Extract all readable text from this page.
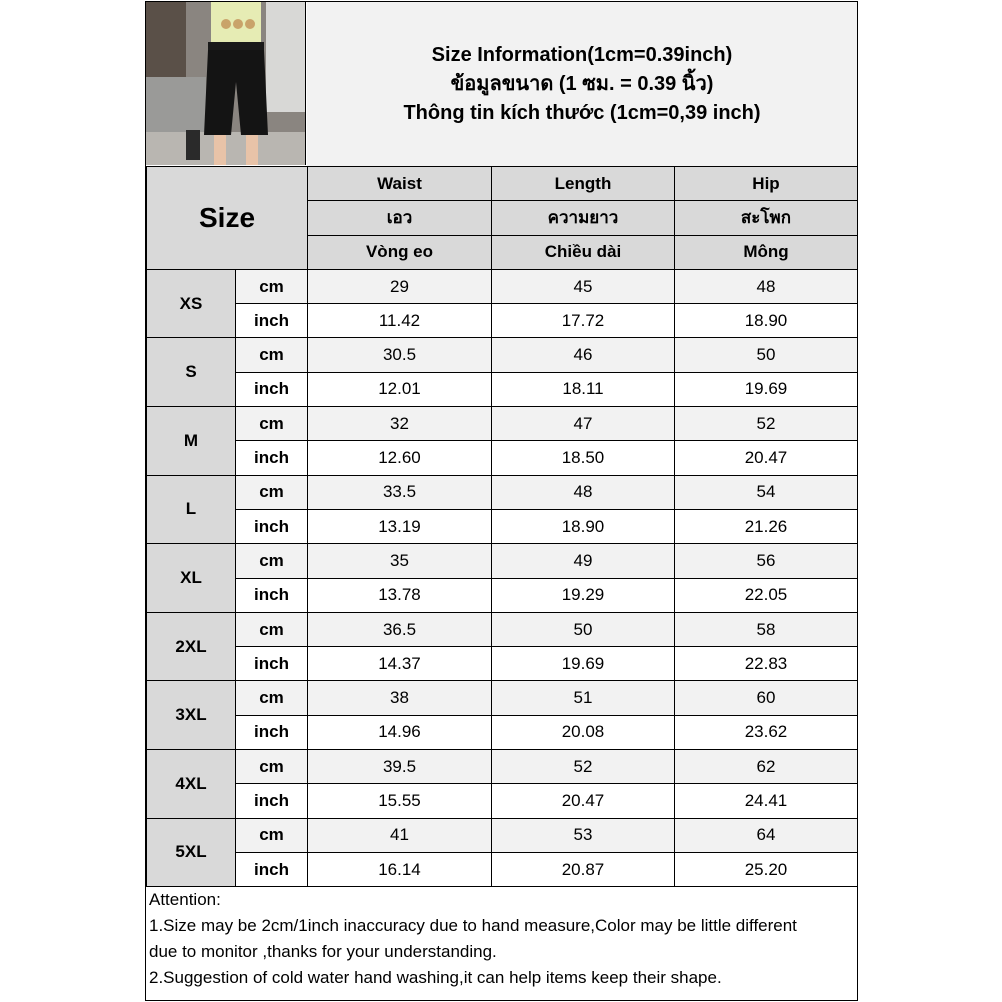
Size Information(1cm=0.39inch)
ข้อมูลขนาด (1 ซม. = 0.39 นิ้ว)
Thông tin kích thước (1cm=0,39 inch)
Size		Waist	Length	Hip
		เอว	ความยาว	สะโพก
		Vòng eo	Chiều dài	Mông
XS	cm	29	45	48
	inch	11.42	17.72	18.90
S	cm	30.5	46	50
	inch	12.01	18.11	19.69
M	cm	32	47	52
	inch	12.60	18.50	20.47
L	cm	33.5	48	54
	inch	13.19	18.90	21.26
XL	cm	35	49	56
	inch	13.78	19.29	22.05
2XL	cm	36.5	50	58
	inch	14.37	19.69	22.83
3XL	cm	38	51	60
	inch	14.96	20.08	23.62
4XL	cm	39.5	52	62
	inch	15.55	20.47	24.41
5XL	cm	41	53	64
	inch	16.14	20.87	25.20
Attention:
1.Size may be 2cm/1inch inaccuracy due to hand measure,Color may be little different
due to monitor ,thanks for your understanding.
2.Suggestion of cold water hand washing,it can help items keep their shape.
